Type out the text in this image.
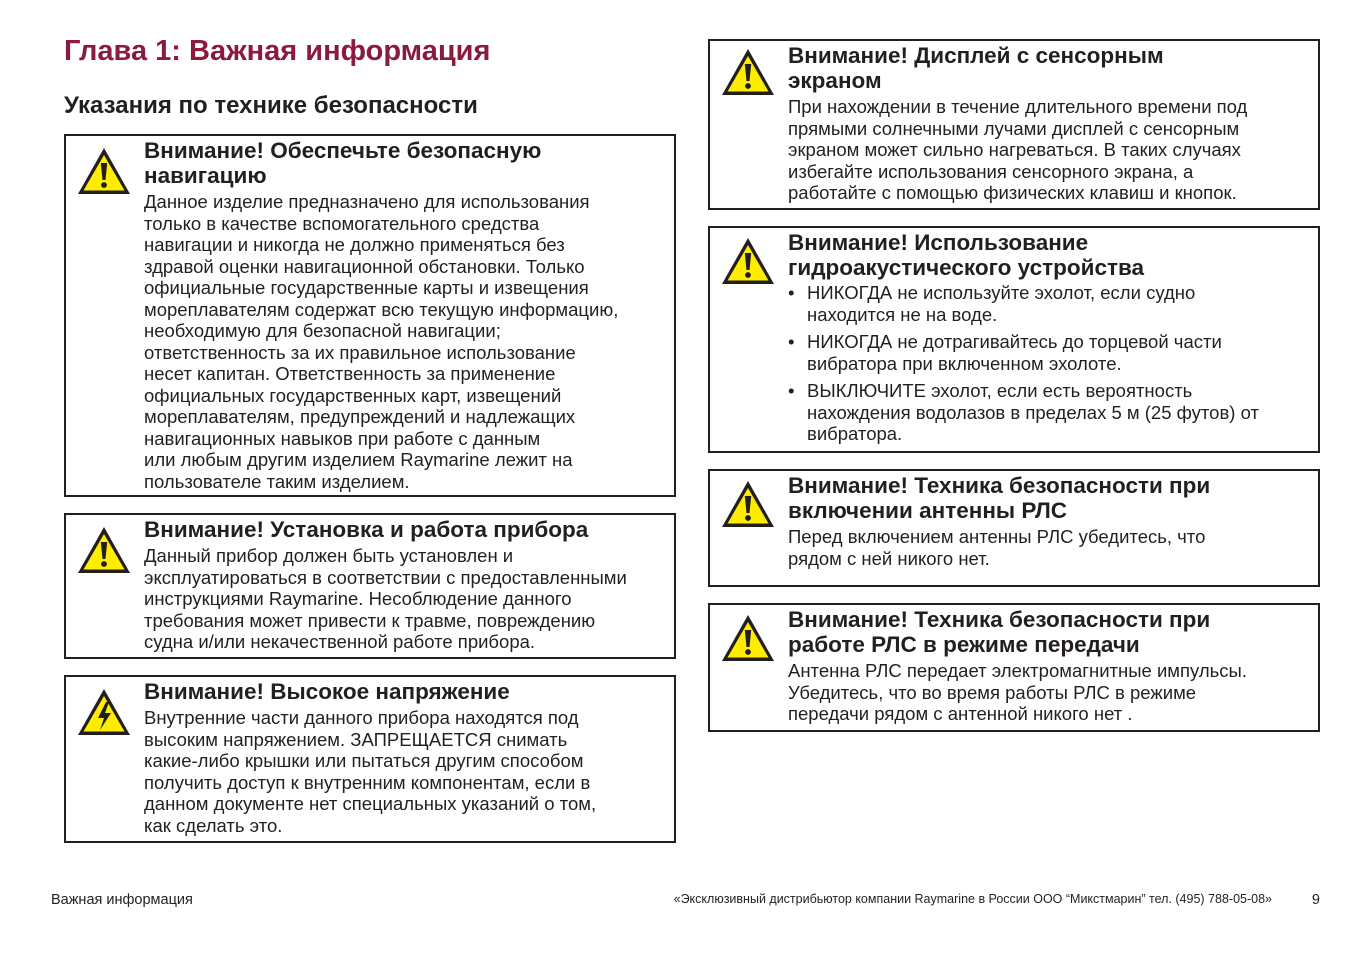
Глава 1: Важная информация
Указания по технике безопасности
Внимание! Обеспечьте безопасную
навигацию
Данное изделие предназначено для использования
только в качестве вспомогательного средства
навигации и никогда не должно применяться без
здравой оценки навигационной обстановки. Только
официальные государственные карты и извещения
мореплавателям содержат всю текущую информацию,
необходимую для безопасной навигации;
ответственность за их правильное использование
несет капитан. Ответственность за применение
официальных государственных карт, извещений
мореплавателям, предупреждений и надлежащих
навигационных навыков при работе с данным
или любым другим изделием Raymarine лежит на
пользователе таким изделием.
Внимание! Установка и работа прибора
Данный прибор должен быть установлен и
эксплуатироваться в соответствии с предоставленными
инструкциями Raymarine. Несоблюдение данного
требования может привести к травме, повреждению
судна и/или некачественной работе прибора.
Внимание! Высокое напряжение
Внутренние части данного прибора находятся под
высоким напряжением. ЗАПРЕЩАЕТСЯ снимать
какие-либо крышки или пытаться другим способом
получить доступ к внутренним компонентам, если в
данном документе нет специальных указаний о том,
как сделать это.
Внимание! Дисплей с сенсорным
экраном
При нахождении в течение длительного времени под
прямыми солнечными лучами дисплей с сенсорным
экраном может сильно нагреваться. В таких случаях
избегайте использования сенсорного экрана, а
работайте с помощью физических клавиш и кнопок.
Внимание! Использование
гидроакустического устройства
• НИКОГДА не используйте эхолот, если судно
находится не на воде.
• НИКОГДА не дотрагивайтесь до торцевой части
вибратора при включенном эхолоте.
• ВЫКЛЮЧИТЕ эхолот, если есть вероятность
нахождения водолазов в пределах 5 м (25 футов) от
вибратора.
Внимание! Техника безопасности при
включении антенны РЛС
Перед включением антенны РЛС убедитесь, что
рядом с ней никого нет.
Внимание! Техника безопасности при
работе РЛС в режиме передачи
Антенна РЛС передает электромагнитные импульсы.
Убедитесь, что во время работы РЛС в режиме
передачи рядом с антенной никого нет .
Важная информация	«Эксклюзивный дистрибьютор компании Raymarine в России ООО “Микстмарин” тел. (495) 788-05-08»	9
